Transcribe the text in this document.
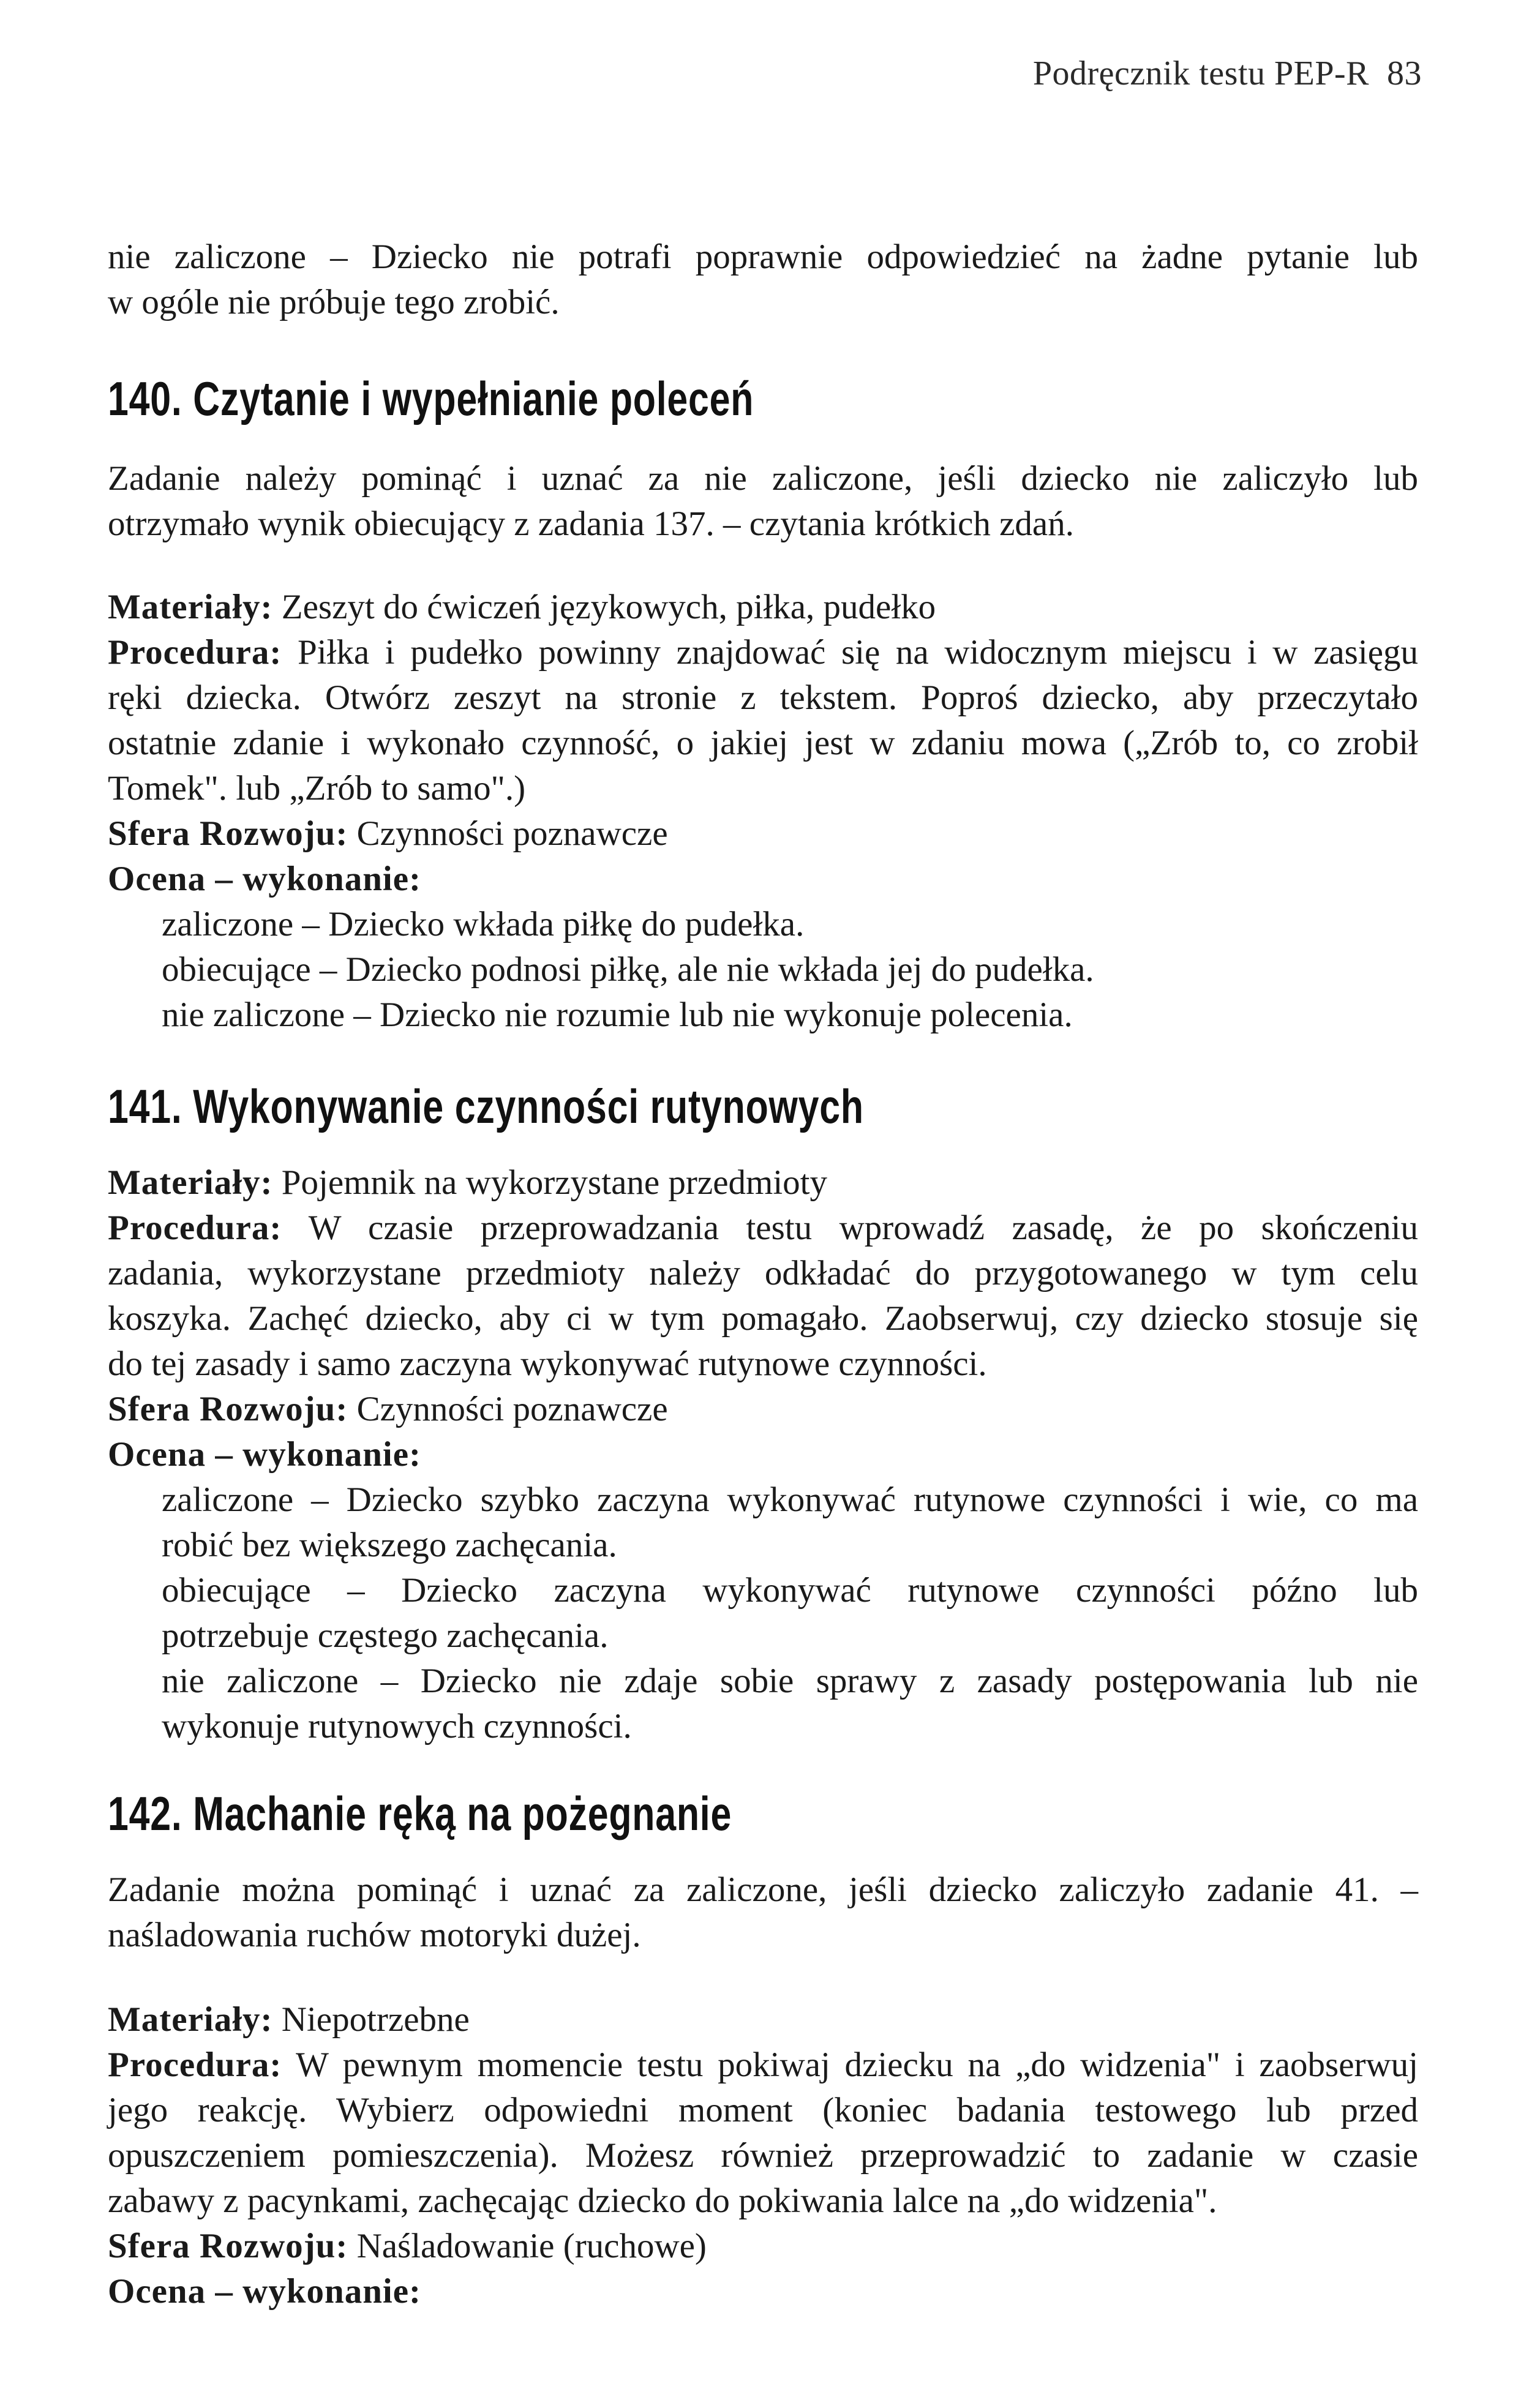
Podręcznik testu PEP-R 83

nie zaliczone – Dziecko nie potrafi poprawnie odpowiedzieć na żadne pytanie lub

w ogóle nie próbuje tego zrobić.

140. Czytanie i wypełnianie poleceń

Zadanie należy pominąć i uznać za nie zaliczone, jeśli dziecko nie zaliczyło lub

otrzymało wynik obiecujący z zadania 137. – czytania krótkich zdań.

Materiały: Zeszyt do ćwiczeń językowych, piłka, pudełko

Procedura: Piłka i pudełko powinny znajdować się na widocznym miejscu i w zasięgu

ręki dziecka. Otwórz zeszyt na stronie z tekstem. Poproś dziecko, aby przeczytało

ostatnie zdanie i wykonało czynność, o jakiej jest w zdaniu mowa („Zrób to, co zrobił

Tomek". lub „Zrób to samo".)

Sfera Rozwoju: Czynności poznawcze

Ocena – wykonanie:

zaliczone – Dziecko wkłada piłkę do pudełka.

obiecujące – Dziecko podnosi piłkę, ale nie wkłada jej do pudełka.

nie zaliczone – Dziecko nie rozumie lub nie wykonuje polecenia.

141. Wykonywanie czynności rutynowych

Materiały: Pojemnik na wykorzystane przedmioty

Procedura: W czasie przeprowadzania testu wprowadź zasadę, że po skończeniu

zadania, wykorzystane przedmioty należy odkładać do przygotowanego w tym celu

koszyka. Zachęć dziecko, aby ci w tym pomagało. Zaobserwuj, czy dziecko stosuje się

do tej zasady i samo zaczyna wykonywać rutynowe czynności.

Sfera Rozwoju: Czynności poznawcze

Ocena – wykonanie:

zaliczone – Dziecko szybko zaczyna wykonywać rutynowe czynności i wie, co ma

robić bez większego zachęcania.

obiecujące – Dziecko zaczyna wykonywać rutynowe czynności późno lub

potrzebuje częstego zachęcania.

nie zaliczone – Dziecko nie zdaje sobie sprawy z zasady postępowania lub nie

wykonuje rutynowych czynności.

142. Machanie ręką na pożegnanie

Zadanie można pominąć i uznać za zaliczone, jeśli dziecko zaliczyło zadanie 41. –

naśladowania ruchów motoryki dużej.

Materiały: Niepotrzebne

Procedura: W pewnym momencie testu pokiwaj dziecku na „do widzenia" i zaobserwuj

jego reakcję. Wybierz odpowiedni moment (koniec badania testowego lub przed

opuszczeniem pomieszczenia). Możesz również przeprowadzić to zadanie w czasie

zabawy z pacynkami, zachęcając dziecko do pokiwania lalce na „do widzenia".

Sfera Rozwoju: Naśladowanie (ruchowe)

Ocena – wykonanie:
